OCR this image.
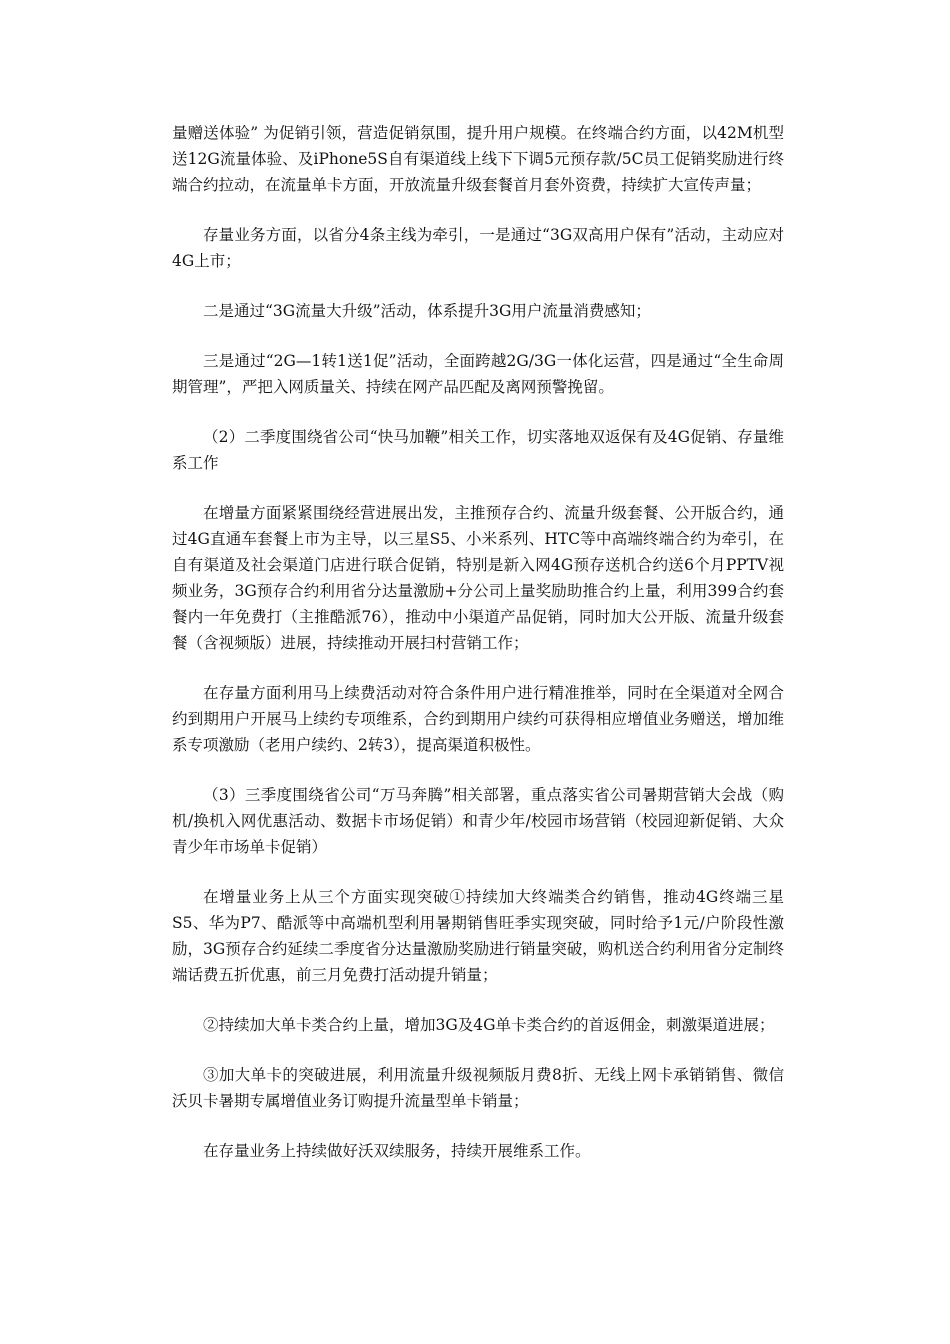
量赠送体验” 为促销引领，营造促销氛围，提升用户规模。在终端合约方面，以42M机型送12G流量体验、及iPhone5S自有渠道线上线下下调5元预存款/5C员工促销奖励进行终端合约拉动，在流量单卡方面，开放流量升级套餐首月套外资费，持续扩大宣传声量；

存量业务方面，以省分4条主线为牵引，一是通过“3G双高用户保有”活动，主动应对4G上市；

二是通过“3G流量大升级”活动，体系提升3G用户流量消费感知；

三是通过“2G—1转1送1促”活动，全面跨越2G/3G一体化运营，四是通过“全生命周期管理”，严把入网质量关、持续在网产品匹配及离网预警挽留。

（2）二季度围绕省公司“快马加鞭”相关工作，切实落地双返保有及4G促销、存量维系工作

在增量方面紧紧围绕经营进展出发，主推预存合约、流量升级套餐、公开版合约，通过4G直通车套餐上市为主导，以三星S5、小米系列、HTC等中高端终端合约为牵引，在自有渠道及社会渠道门店进行联合促销，特别是新入网4G预存送机合约送6个月PPTV视频业务，3G预存合约利用省分达量激励+分公司上量奖励助推合约上量，利用399合约套餐内一年免费打（主推酷派76），推动中小渠道产品促销，同时加大公开版、流量升级套餐（含视频版）进展，持续推动开展扫村营销工作；

在存量方面利用马上续费活动对符合条件用户进行精准推举，同时在全渠道对全网合约到期用户开展马上续约专项维系，合约到期用户续约可获得相应增值业务赠送，增加维系专项激励（老用户续约、2转3），提高渠道积极性。

（3）三季度围绕省公司“万马奔腾”相关部署，重点落实省公司暑期营销大会战（购机/换机入网优惠活动、数据卡市场促销）和青少年/校园市场营销（校园迎新促销、大众青少年市场单卡促销）

在增量业务上从三个方面实现突破①持续加大终端类合约销售，推动4G终端三星S5、华为P7、酷派等中高端机型利用暑期销售旺季实现突破，同时给予1元/户阶段性激励，3G预存合约延续二季度省分达量激励奖励进行销量突破，购机送合约利用省分定制终端话费五折优惠，前三月免费打活动提升销量；

②持续加大单卡类合约上量，增加3G及4G单卡类合约的首返佣金，刺激渠道进展；

③加大单卡的突破进展，利用流量升级视频版月费8折、无线上网卡承销销售、微信沃贝卡暑期专属增值业务订购提升流量型单卡销量；

在存量业务上持续做好沃双续服务，持续开展维系工作。
